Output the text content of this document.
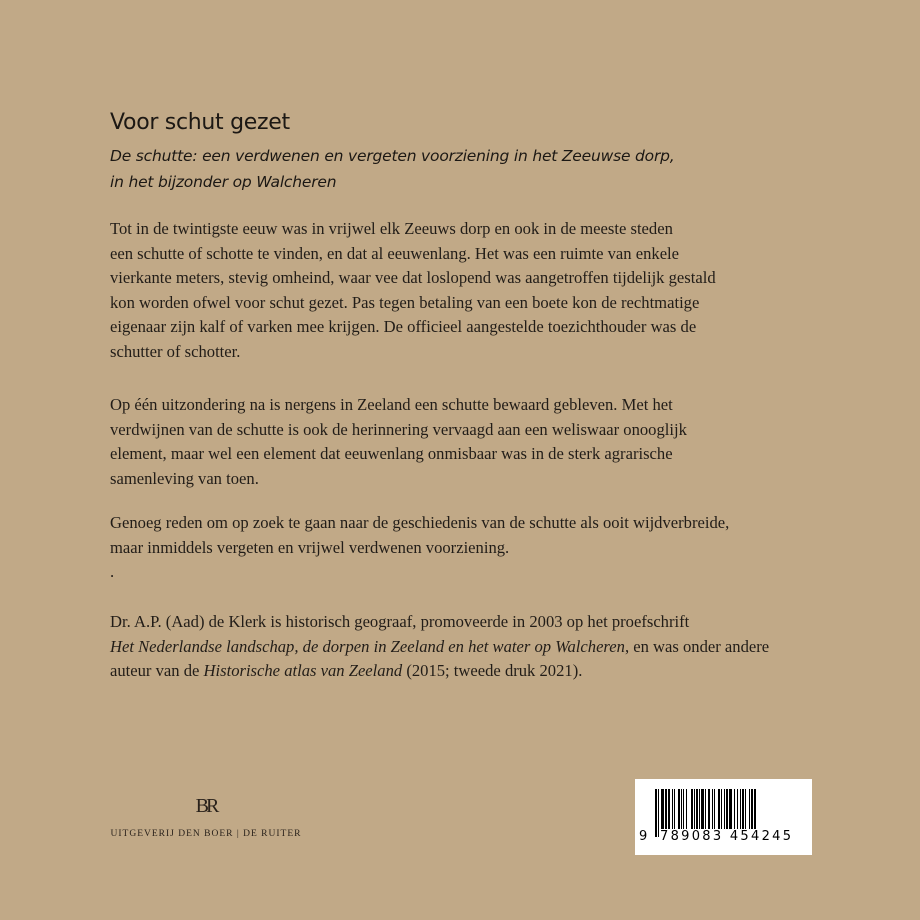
Voor schut gezet
De schutte: een verdwenen en vergeten voorziening in het Zeeuwse dorp,
in het bijzonder op Walcheren
Tot in de twintigste eeuw was in vrijwel elk Zeeuws dorp en ook in de meeste steden
een schutte of schotte te vinden, en dat al eeuwenlang. Het was een ruimte van enkele
vierkante meters, stevig omheind, waar vee dat loslopend was aangetroffen tijdelijk gestald
kon worden ofwel voor schut gezet. Pas tegen betaling van een boete kon de rechtmatige
eigenaar zijn kalf of varken mee krijgen. De officieel aangestelde toezichthouder was de
schutter of schotter.
Op één uitzondering na is nergens in Zeeland een schutte bewaard gebleven. Met het
verdwijnen van de schutte is ook de herinnering vervaagd aan een weliswaar onooglijk
element, maar wel een element dat eeuwenlang onmisbaar was in de sterk agrarische
samenleving van toen.
Genoeg reden om op zoek te gaan naar de geschiedenis van de schutte als ooit wijdverbreide,
maar inmiddels vergeten en vrijwel verdwenen voorziening.
.
Dr. A.P. (Aad) de Klerk is historisch geograaf, promoveerde in 2003 op het proefschrift
Het Nederlandse landschap, de dorpen in Zeeland en het water op Walcheren, en was onder andere
auteur van de Historische atlas van Zeeland (2015; tweede druk 2021).
BR
UITGEVERIJ DEN BOER | DE RUITER	9 789083 454245
